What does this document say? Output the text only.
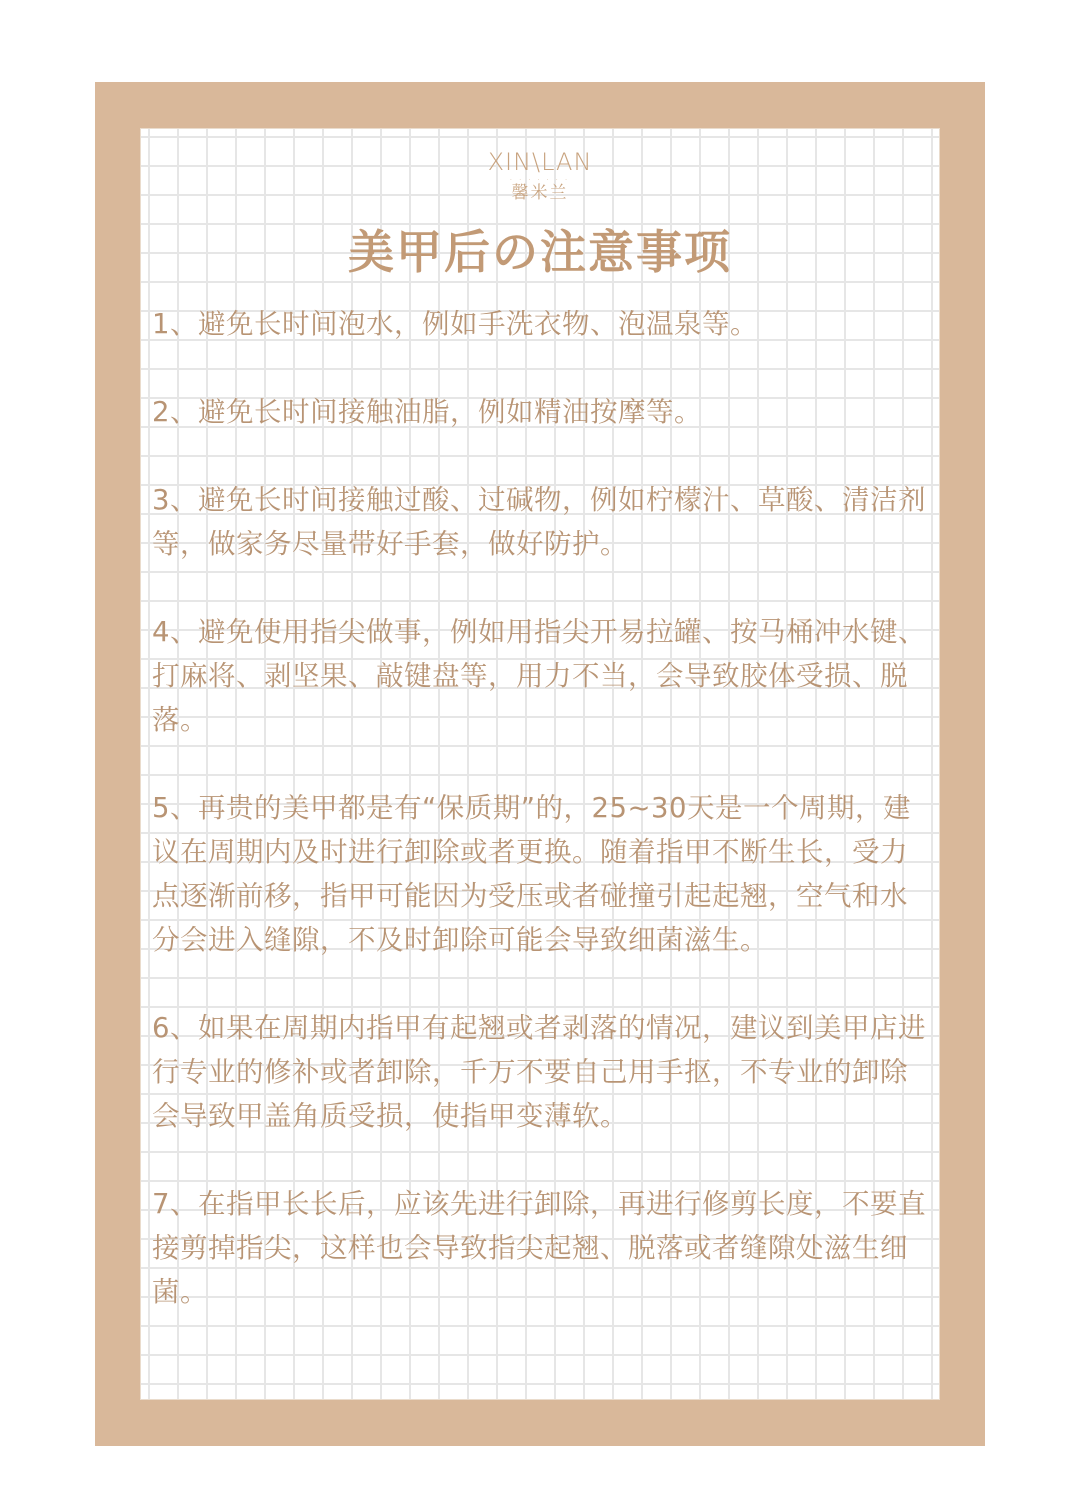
XIN\LAN
· · · · · · ·
馨米兰
美甲后の注意事项
1、避免长时间泡水，例如手洗衣物、泡温泉等。
2、避免长时间接触油脂，例如精油按摩等。
3、避免长时间接触过酸、过碱物，例如柠檬汁、草酸、清洁剂等，做家务尽量带好手套，做好防护。
4、避免使用指尖做事，例如用指尖开易拉罐、按马桶冲水键、打麻将、剥坚果、敲键盘等，用力不当，会导致胶体受损、脱落。
5、再贵的美甲都是有“保质期”的，25~30天是一个周期，建议在周期内及时进行卸除或者更换。随着指甲不断生长，受力点逐渐前移，指甲可能因为受压或者碰撞引起起翘，空气和水分会进入缝隙，不及时卸除可能会导致细菌滋生。
6、如果在周期内指甲有起翘或者剥落的情况，建议到美甲店进行专业的修补或者卸除，千万不要自己用手抠，不专业的卸除会导致甲盖角质受损，使指甲变薄软。
7、在指甲长长后，应该先进行卸除，再进行修剪长度，不要直接剪掉指尖，这样也会导致指尖起翘、脱落或者缝隙处滋生细菌。
